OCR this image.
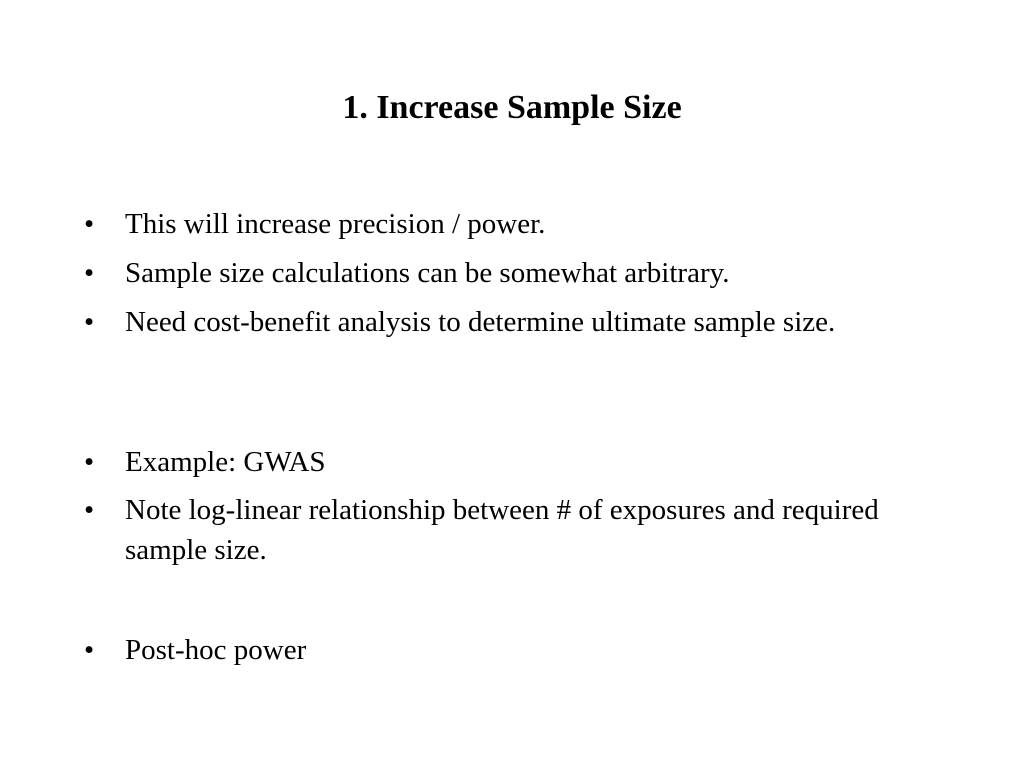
1. Increase Sample Size
•	This will increase precision / power.
•	Sample size calculations can be somewhat arbitrary.
•	Need cost-benefit analysis to determine ultimate sample size.
•	Example: GWAS
•	Note log-linear relationship between # of exposures and required sample size.
•	Post-hoc power
